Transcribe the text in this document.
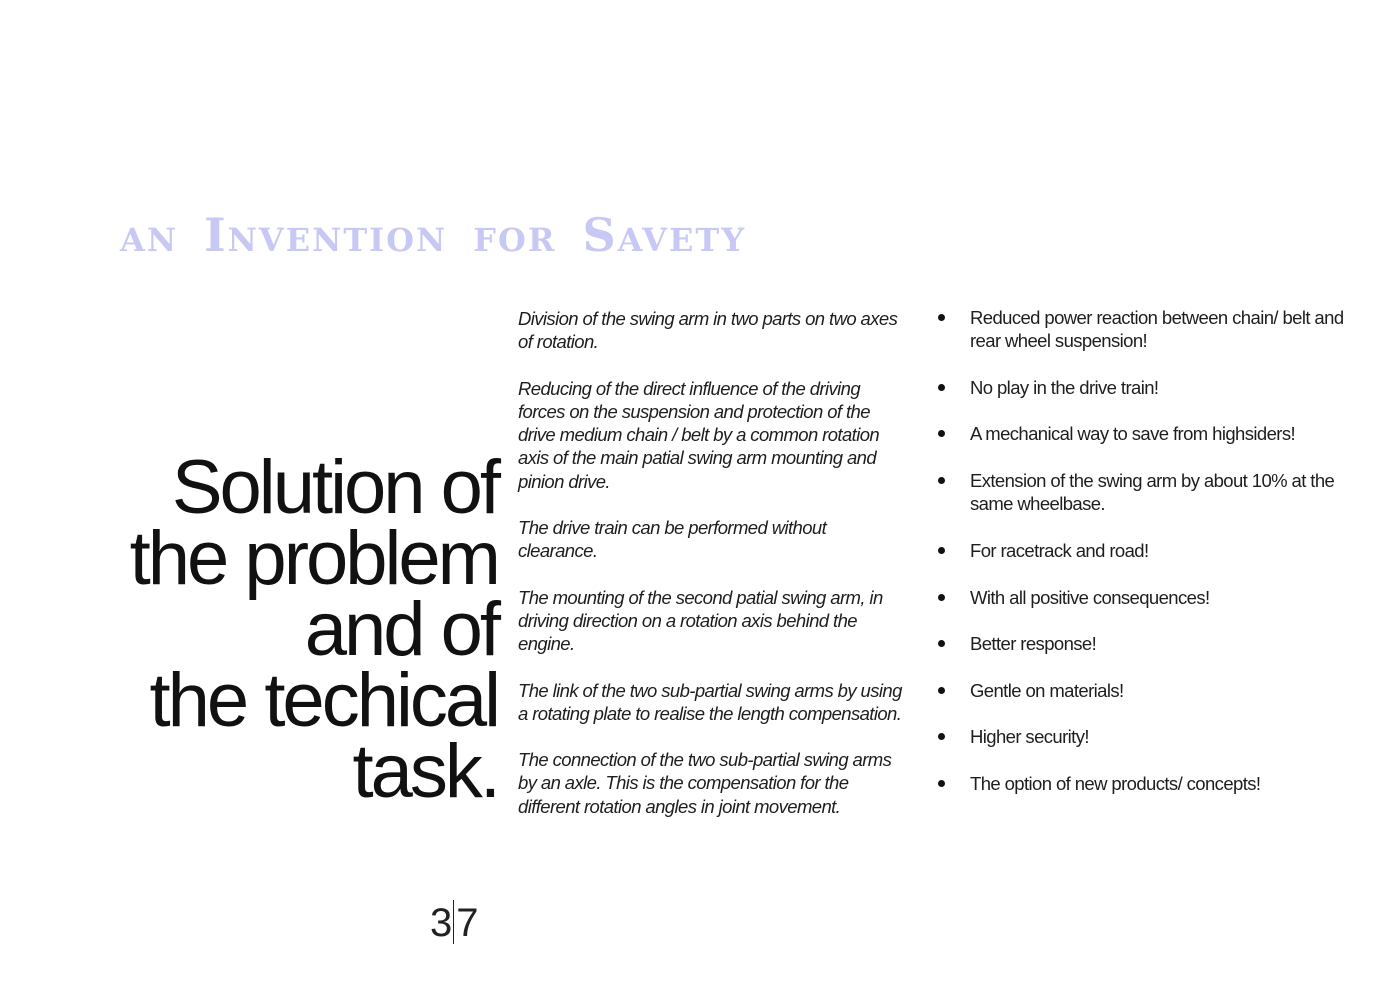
an Invention for Savety
Solution of
the problem
and of
the techical
task.
3 7

Division of the swing arm in two parts on two axes of rotation.

Reducing of the direct influence of the driving forces on the suspension and protection of the drive medium chain / belt by a common rotation axis of the main patial swing arm mounting and pinion drive.

The drive train can be performed without clearance.

The mounting of the second patial swing arm, in driving direction on a rotation axis behind the engine.

The link of the two sub-partial swing arms by using a rotating plate to realise the length compensation.

The connection of the two sub-partial swing arms by an axle. This is the compensation for the different rotation angles in joint movement.

Reduced power reaction between chain/ belt and rear wheel suspension!
No play in the drive train!
A mechanical way to save from highsiders!
Extension of the swing arm by about 10% at the same wheelbase.
For racetrack and road!
With all positive consequences!
Better response!
Gentle on materials!
Higher security!
The option of new products/ concepts!
